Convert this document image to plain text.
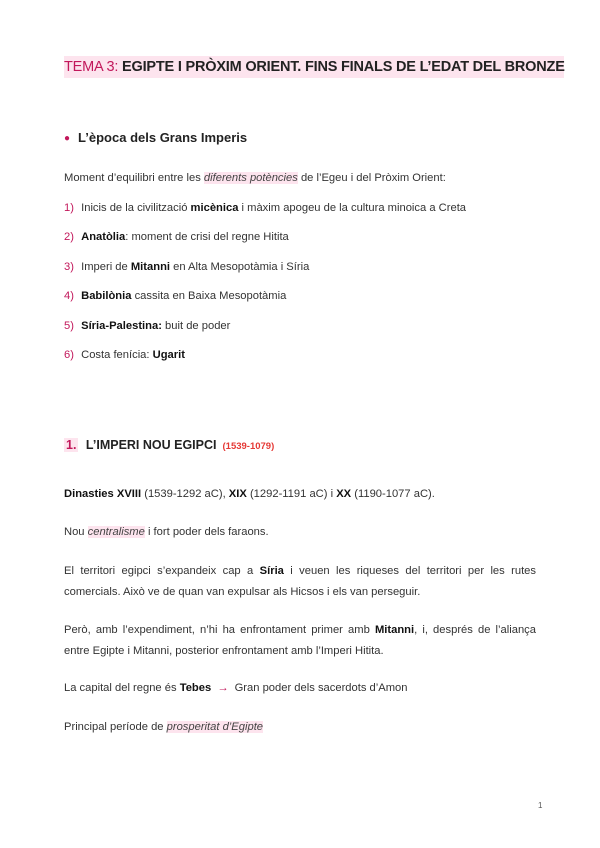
TEMA 3: EGIPTE I PRÒXIM ORIENT. FINS FINALS DE L’EDAT DEL BRONZE
● L’època dels Grans Imperis
Moment d’equilibri entre les diferents potències de l’Egeu i del Pròxim Orient:
1) Inicis de la civilització micènica i màxim apogeu de la cultura minoica a Creta
2) Anatòlia: moment de crisi del regne Hitita
3) Imperi de Mitanni en Alta Mesopotàmia i Síria
4) Babilònia cassita en Baixa Mesopotàmia
5) Síria-Palestina: buit de poder
6) Costa fenícia: Ugarit
1. L’IMPERI NOU EGIPCI (1539-1079)
Dinasties XVIII (1539-1292 aC), XIX (1292-1191 aC) i XX (1190-1077 aC).
Nou centralisme i fort poder dels faraons.
El territori egipci s’expandeix cap a Síria i veuen les riqueses del territori per les rutes comercials. Això ve de quan van expulsar als Hicsos i els van perseguir.
Però, amb l’expendiment, n’hi ha enfrontament primer amb Mitanni, i, després de l’aliança entre Egipte i Mitanni, posterior enfrontament amb l’Imperi Hitita.
La capital del regne és Tebes → Gran poder dels sacerdots d’Amon
Principal període de prosperitat d’Egipte
1
